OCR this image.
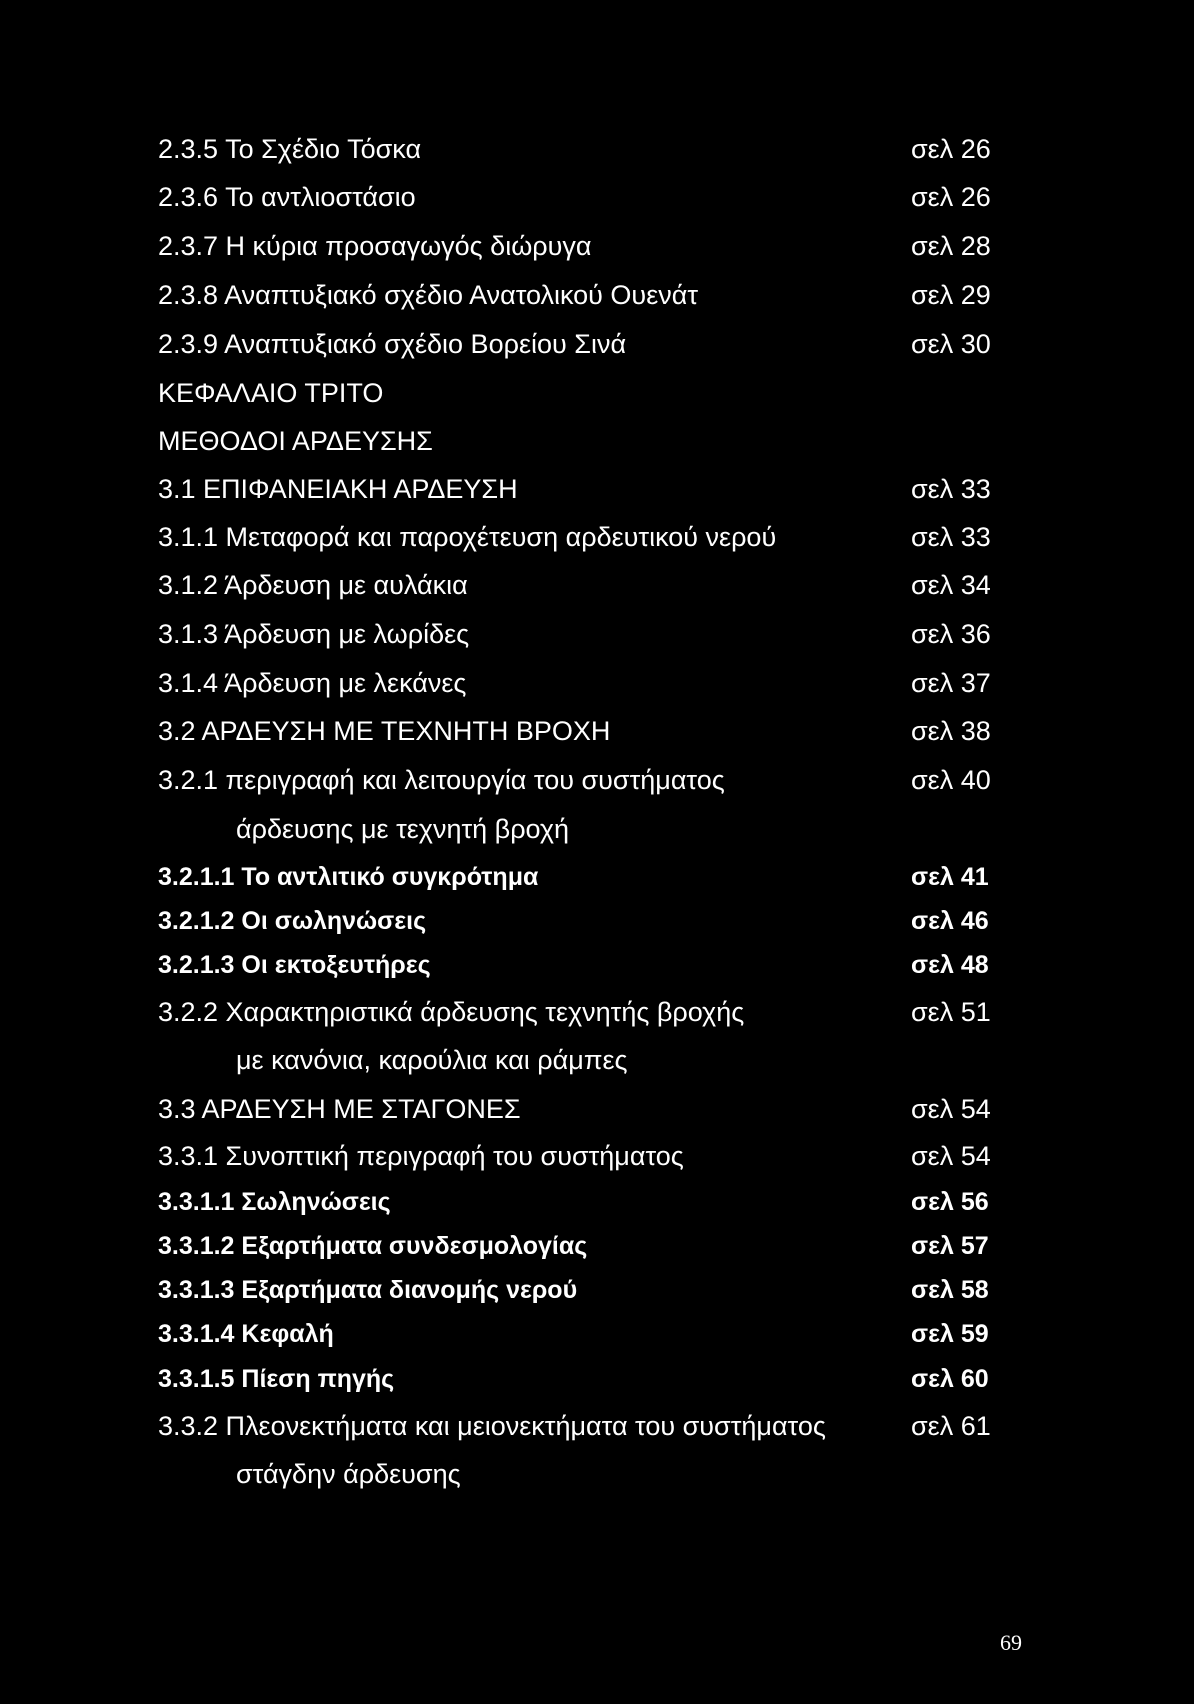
2.3.5 Το Σχέδιο Τόσκα	σελ 26
2.3.6 Το αντλιοστάσιο	σελ 26
2.3.7 Η κύρια προσαγωγός διώρυγα	σελ 28
2.3.8 Αναπτυξιακό σχέδιο Ανατολικού Ουενάτ	σελ 29
2.3.9 Αναπτυξιακό σχέδιο Βορείου Σινά	σελ 30
ΚΕΦΑΛΑΙΟ ΤΡΙΤΟ
ΜΕΘΟΔΟΙ ΑΡΔΕΥΣΗΣ
3.1 ΕΠΙΦΑΝΕΙΑΚΗ ΑΡΔΕΥΣΗ	σελ 33
3.1.1 Μεταφορά και παροχέτευση αρδευτικού νερού	σελ 33
3.1.2 Άρδευση με αυλάκια	σελ 34
3.1.3 Άρδευση με λωρίδες	σελ 36
3.1.4 Άρδευση με λεκάνες	σελ 37
3.2 ΑΡΔΕΥΣΗ ΜΕ ΤΕΧΝΗΤΗ ΒΡΟΧΗ	σελ 38
3.2.1 περιγραφή και λειτουργία του συστήματος	σελ 40
άρδευσης με τεχνητή βροχή
3.2.1.1 Το αντλιτικό συγκρότημα	σελ 41
3.2.1.2 Οι σωληνώσεις	σελ 46
3.2.1.3 Οι εκτοξευτήρες	σελ 48
3.2.2 Χαρακτηριστικά άρδευσης τεχνητής βροχής	σελ 51
με κανόνια, καρούλια και ράμπες
3.3 ΑΡΔΕΥΣΗ ΜΕ ΣΤΑΓΟΝΕΣ	σελ 54
3.3.1 Συνοπτική περιγραφή του συστήματος	σελ 54
3.3.1.1 Σωληνώσεις	σελ 56
3.3.1.2 Εξαρτήματα συνδεσμολογίας	σελ 57
3.3.1.3 Εξαρτήματα διανομής νερού	σελ 58
3.3.1.4 Κεφαλή	σελ 59
3.3.1.5 Πίεση πηγής	σελ 60
3.3.2 Πλεονεκτήματα και μειονεκτήματα του συστήματος	σελ 61
στάγδην άρδευσης
69
